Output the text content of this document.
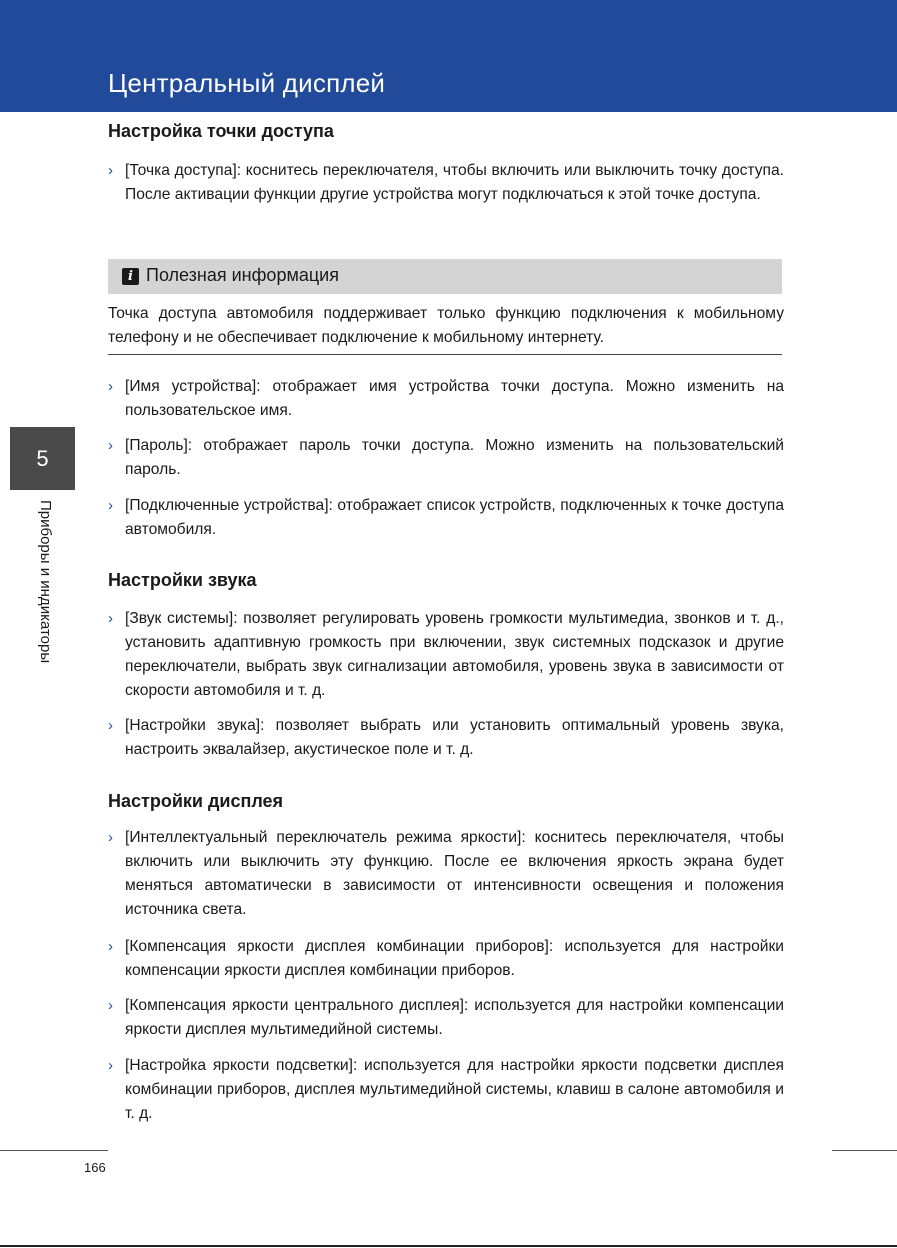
Центральный дисплей
Настройка точки доступа
› [Точка доступа]: коснитесь переключателя, чтобы включить или выключить точку доступа. После активации функции другие устройства могут подключаться к этой точке доступа.
i Полезная информация
Точка доступа автомобиля поддерживает только функцию подключения к мобильному телефону и не обеспечивает подключение к мобильному интернету.
› [Имя устройства]: отображает имя устройства точки доступа. Можно изменить на пользовательское имя.
› [Пароль]: отображает пароль точки доступа. Можно изменить на пользовательский пароль.
› [Подключенные устройства]: отображает список устройств, подключенных к точке доступа автомобиля.
Настройки звука
› [Звук системы]: позволяет регулировать уровень громкости мультимедиа, звонков и т. д., установить адаптивную громкость при включении, звук системных подсказок и другие переключатели, выбрать звук сигнализации автомобиля, уровень звука в зависимости от скорости автомобиля и т. д.
› [Настройки звука]: позволяет выбрать или установить оптимальный уровень звука, настроить эквалайзер, акустическое поле и т. д.
Настройки дисплея
› [Интеллектуальный переключатель режима яркости]: коснитесь переключателя, чтобы включить или выключить эту функцию. После ее включения яркость экрана будет меняться автоматически в зависимости от интенсивности освещения и положения источника света.
› [Компенсация яркости дисплея комбинации приборов]: используется для настройки компенсации яркости дисплея комбинации приборов.
› [Компенсация яркости центрального дисплея]: используется для настройки компенсации яркости дисплея мультимедийной системы.
› [Настройка яркости подсветки]: используется для настройки яркости подсветки дисплея комбинации приборов, дисплея мультимедийной системы, клавиш в салоне автомобиля и т. д.
5
Приборы и индикаторы
166
